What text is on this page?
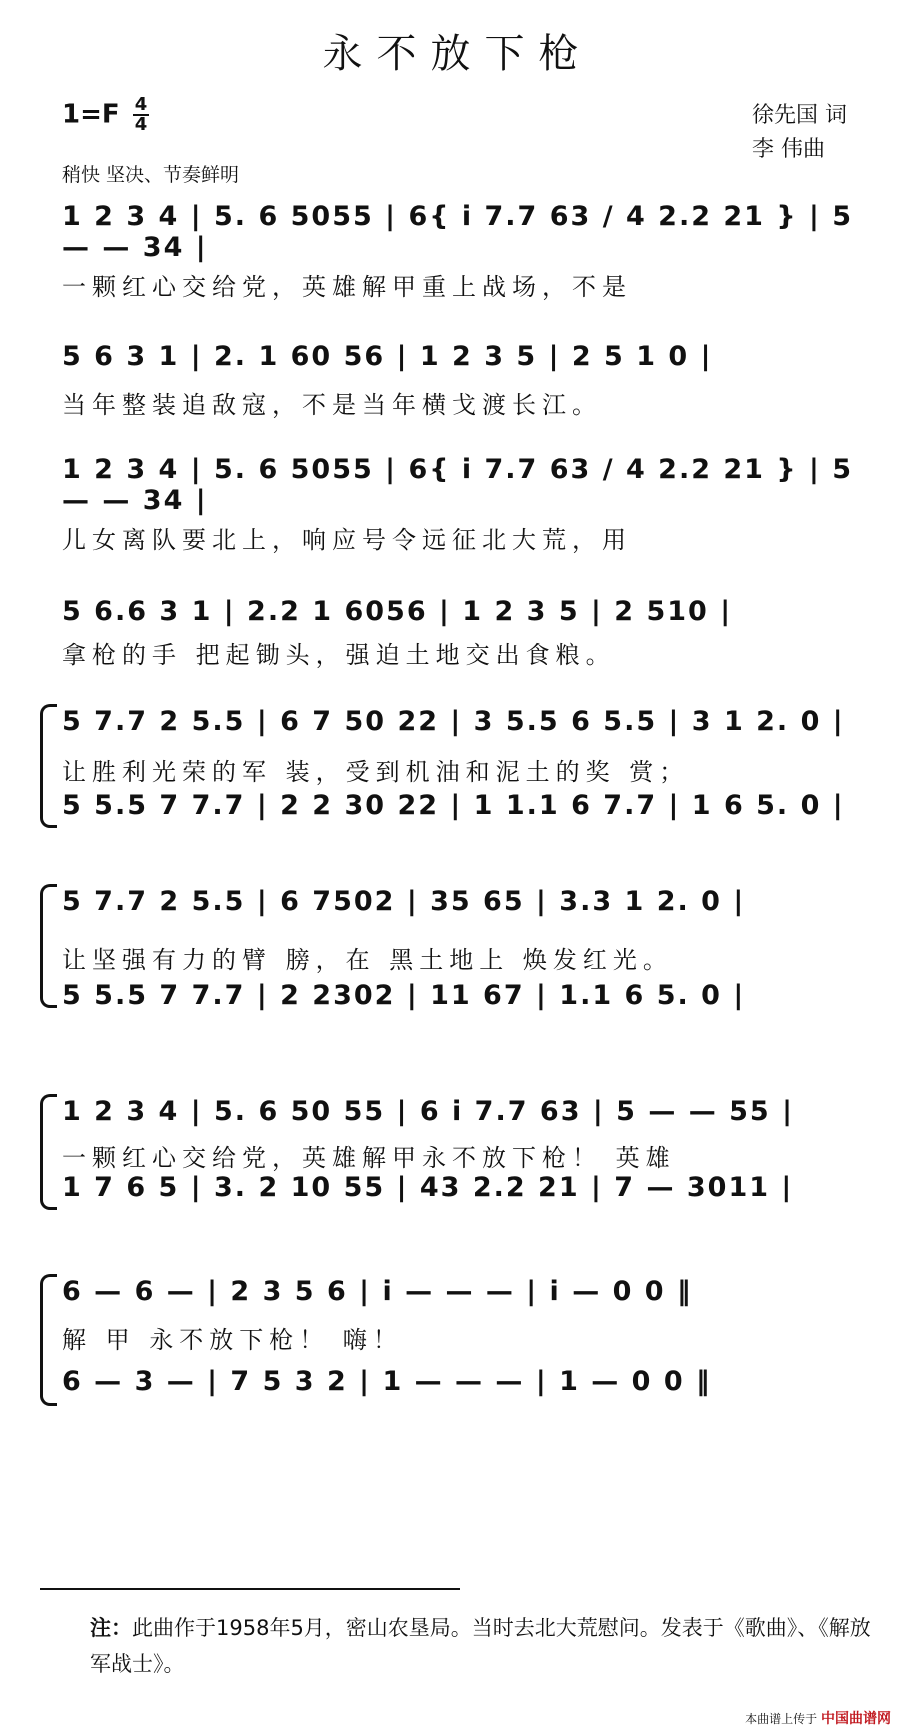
永不放下枪
$1=F \frac{4}{4}$
稍快 坚决、节奏鲜明
徐先国 词
李 伟曲
1 2 3 4 | 5. 6 5055 | 6{ i 7.7 63 / 4 2.2 21 } | 5 — — 34 |
一颗红心交给党，英雄解甲重上战场，不是
5 6 3 1 | 2. 1 60 56 | 1 2 3 5 | 2 5 1 0 |
当年整装追敌寇，不是当年横戈渡长江。
1 2 3 4 | 5. 6 5055 | 6{ i 7.7 63 / 4 2.2 21 } | 5 — — 34 |
儿女离队要北上，响应号令远征北大荒，用
5 6.6 3 1 | 2.2 1 6056 | 1 2 3 5 | 2 510 |
拿枪的手 把起锄头，强迫土地交出食粮。
5 7.7 2 5.5 | 6 7 50 22 | 3 5.5 6 5.5 | 3 1 2. 0 |
让胜利光荣的军 装，受到机油和泥土的奖 赏；
5 5.5 7 7.7 | 2 2 30 22 | 1 1.1 6 7.7 | 1 6 5. 0 |
5 7.7 2 5.5 | 6 7502 | 35 65 | 3.3 1 2. 0 |
让坚强有力的臂 膀，在 黑土地上 焕发红光。
5 5.5 7 7.7 | 2 2302 | 11 67 | 1.1 6 5. 0 |
1 2 3 4 | 5. 6 50 55 | 6 i 7.7 63 | 5 — — 55 |
一颗红心交给党，英雄解甲永不放下枪！ 英雄
1 7 6 5 | 3. 2 10 55 | 43 2.2 21 | 7 — 3011 |
6 — 6 — | 2 3 5 6 | i — — — | i — 0 0 ‖
解 甲 永不放下枪！ 嗨！
6 — 3 — | 7 5 3 2 | 1 — — — | 1 — 0 0 ‖
注：此曲作于1958年5月，密山农垦局。当时去北大荒慰问。发表于《歌曲》、《解放军战士》。
本曲谱上传于 中国曲谱网
